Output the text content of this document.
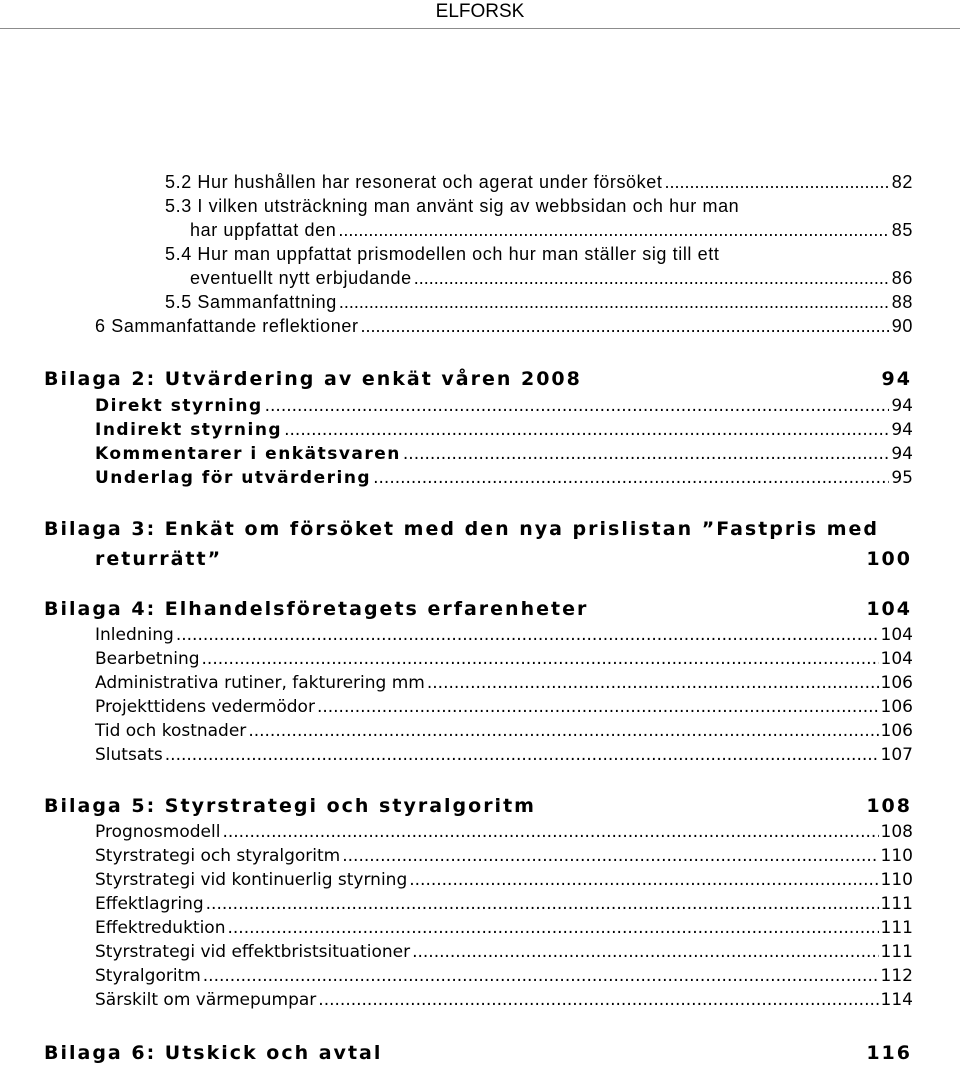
ELFORSK
5.2 Hur hushållen har resonerat och agerat under försöket .....	82
5.3 I vilken utsträckning man använt sig av webbsidan och hur man
har uppfattat den .....	85
5.4 Hur man uppfattat prismodellen och hur man ställer sig till ett
eventuellt nytt erbjudande .....	86
5.5 Sammanfattning .....	88
6 Sammanfattande reflektioner .....	90
Bilaga 2: Utvärdering av enkät våren 2008	94
Direkt styrning .....	94
Indirekt styrning .....	94
Kommentarer i enkätsvaren .....	94
Underlag för utvärdering .....	95
Bilaga 3: Enkät om försöket med den nya prislistan ”Fastpris med
returrätt”	100
Bilaga 4: Elhandelsföretagets erfarenheter	104
Inledning .....	104
Bearbetning .....	104
Administrativa rutiner, fakturering mm .....	106
Projekttidens vedermödor .....	106
Tid och kostnader .....	106
Slutsats .....	107
Bilaga 5: Styrstrategi och styralgoritm	108
Prognosmodell .....	108
Styrstrategi och styralgoritm .....	110
Styrstrategi vid kontinuerlig styrning .....	110
Effektlagring .....	111
Effektreduktion .....	111
Styrstrategi vid effektbristsituationer .....	111
Styralgoritm .....	112
Särskilt om värmepumpar .....	114
Bilaga 6: Utskick och avtal	116
